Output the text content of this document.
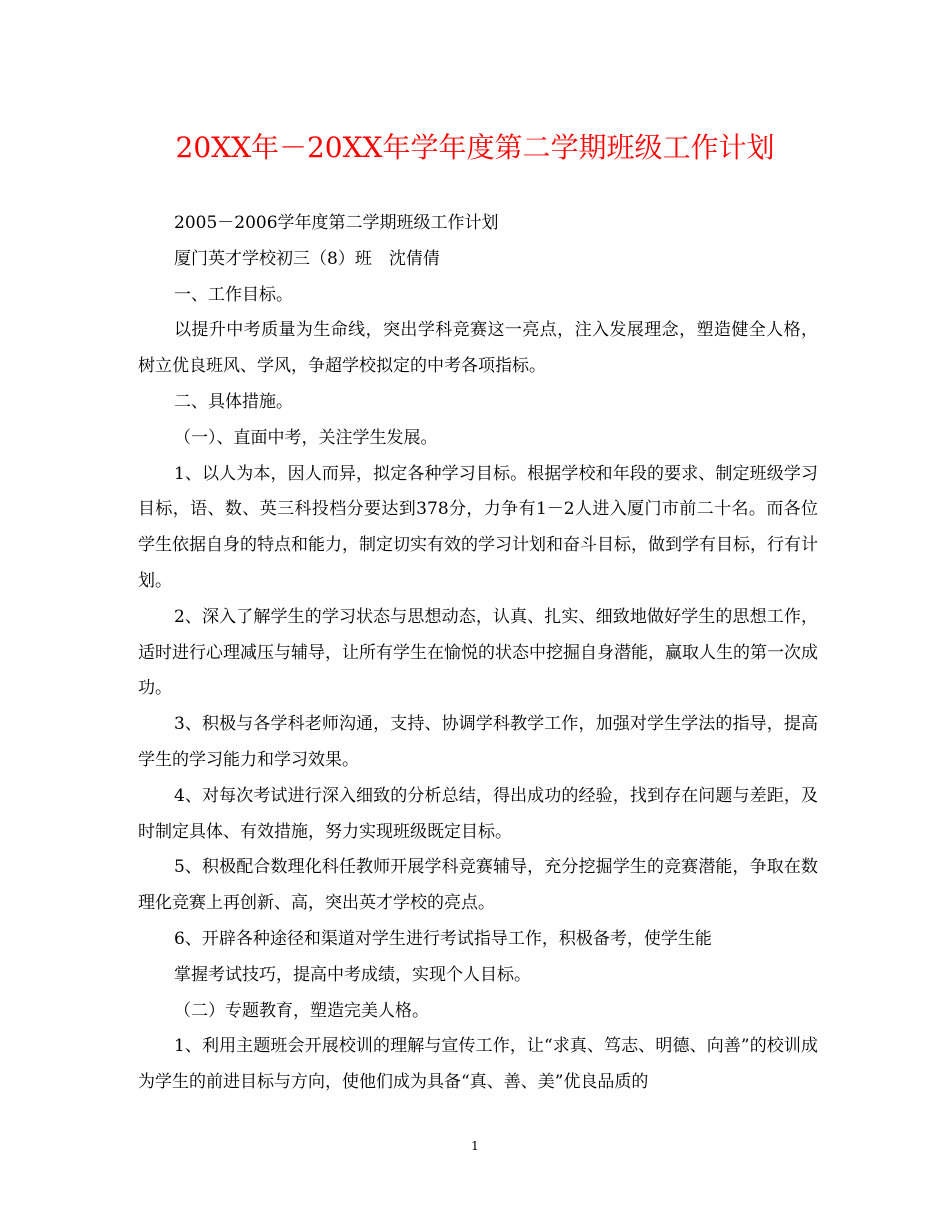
20XX年－20XX年学年度第二学期班级工作计划

2005－2006学年度第二学期班级工作计划

厦门英才学校初三（8）班　沈倩倩

一、工作目标。

以提升中考质量为生命线，突出学科竞赛这一亮点，注入发展理念，塑造健全人格，树立优良班风、学风，争超学校拟定的中考各项指标。

二、具体措施。

（一）、直面中考，关注学生发展。

1、以人为本，因人而异，拟定各种学习目标。根据学校和年段的要求、制定班级学习目标，语、数、英三科投档分要达到378分，力争有1－2人进入厦门市前二十名。而各位学生依据自身的特点和能力，制定切实有效的学习计划和奋斗目标，做到学有目标，行有计划。

2、深入了解学生的学习状态与思想动态，认真、扎实、细致地做好学生的思想工作，适时进行心理减压与辅导，让所有学生在愉悦的状态中挖掘自身潜能，赢取人生的第一次成功。

3、积极与各学科老师沟通，支持、协调学科教学工作，加强对学生学法的指导，提高学生的学习能力和学习效果。

4、对每次考试进行深入细致的分析总结，得出成功的经验，找到存在问题与差距，及时制定具体、有效措施，努力实现班级既定目标。

5、积极配合数理化科任教师开展学科竞赛辅导，充分挖掘学生的竞赛潜能，争取在数理化竞赛上再创新、高，突出英才学校的亮点。

6、开辟各种途径和渠道对学生进行考试指导工作，积极备考，使学生能

掌握考试技巧，提高中考成绩，实现个人目标。

（二）专题教育，塑造完美人格。

1、利用主题班会开展校训的理解与宣传工作，让“求真、笃志、明德、向善”的校训成为学生的前进目标与方向，使他们成为具备“真、善、美”优良品质的

1
